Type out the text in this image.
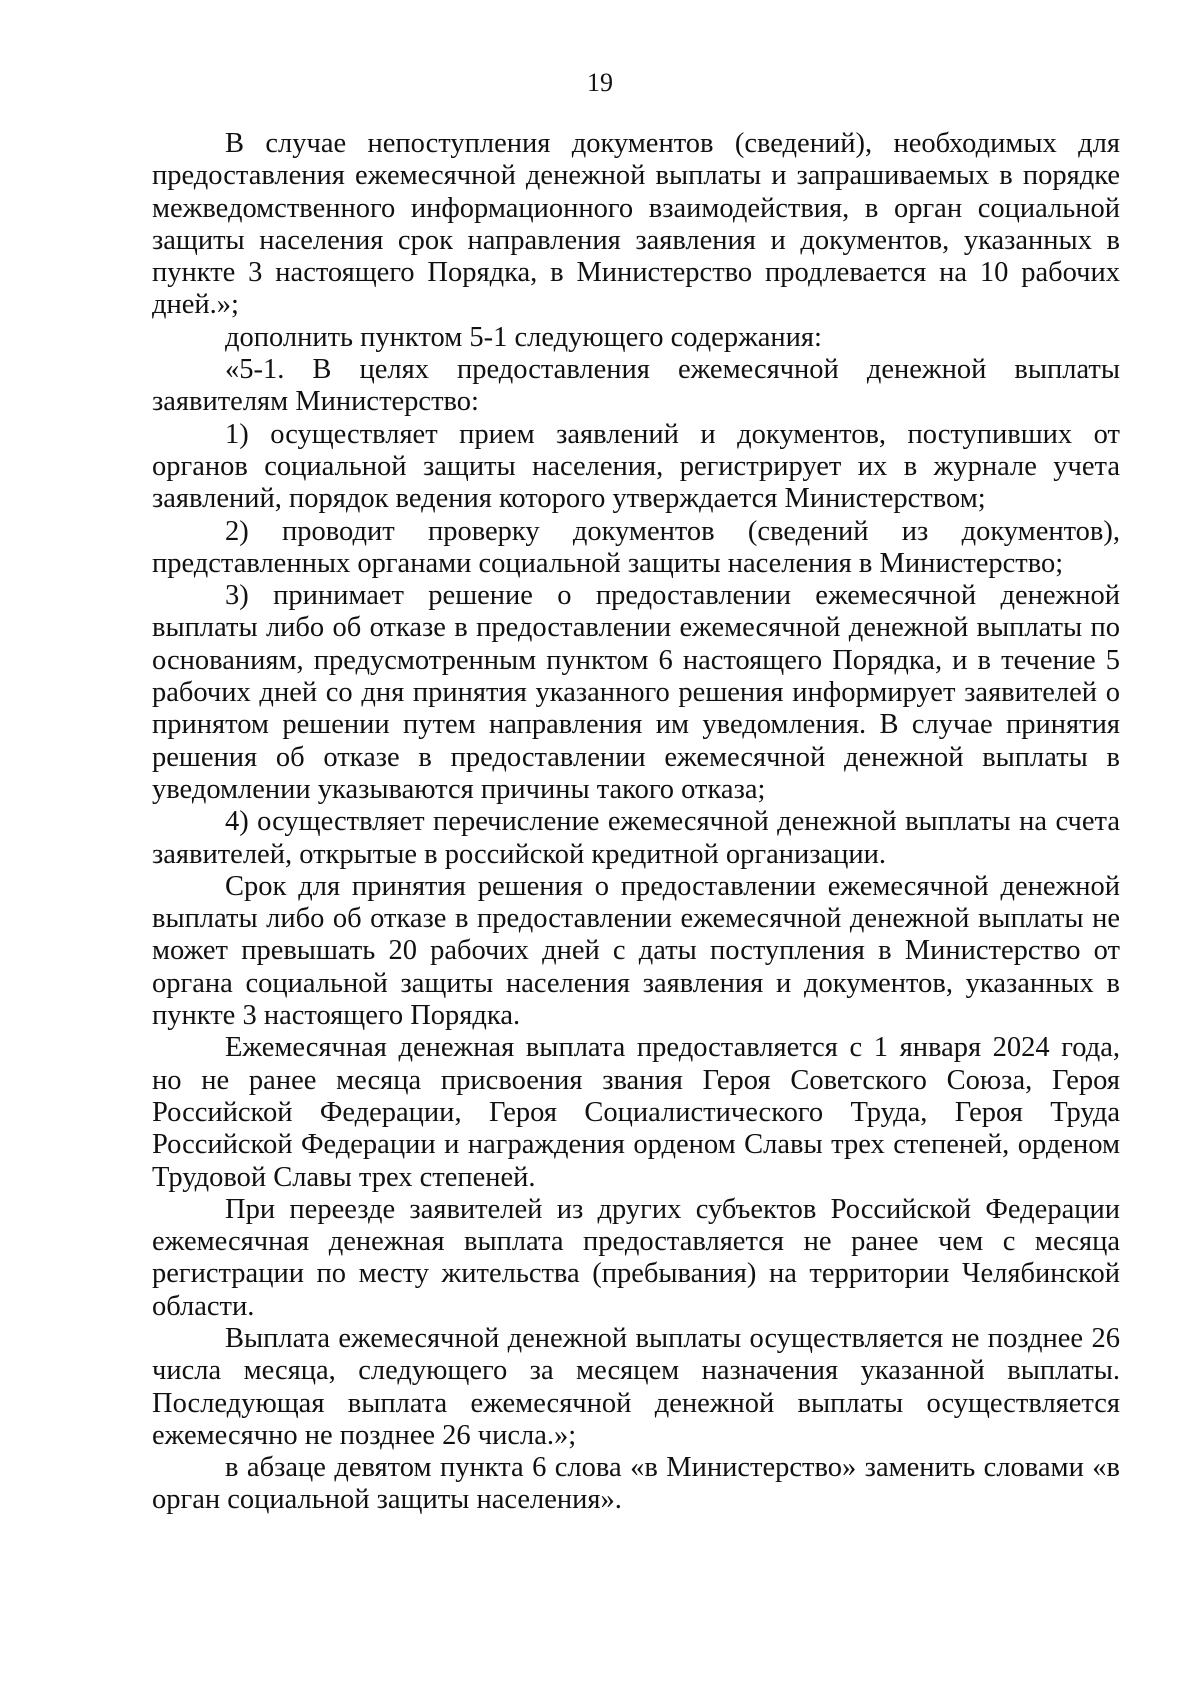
19

В случае непоступления документов (сведений), необходимых для предоставления ежемесячной денежной выплаты и запрашиваемых в порядке межведомственного информационного взаимодействия, в орган социальной защиты населения срок направления заявления и документов, указанных в пункте 3 настоящего Порядка, в Министерство продлевается на 10 рабочих дней.»;

дополнить пунктом 5-1 следующего содержания:

«5-1. В целях предоставления ежемесячной денежной выплаты заявителям Министерство:

1) осуществляет прием заявлений и документов, поступивших от органов социальной защиты населения, регистрирует их в журнале учета заявлений, порядок ведения которого утверждается Министерством;

2) проводит проверку документов (сведений из документов), представленных органами социальной защиты населения в Министерство;

3) принимает решение о предоставлении ежемесячной денежной выплаты либо об отказе в предоставлении ежемесячной денежной выплаты по основаниям, предусмотренным пунктом 6 настоящего Порядка, и в течение 5 рабочих дней со дня принятия указанного решения информирует заявителей о принятом решении путем направления им уведомления. В случае принятия решения об отказе в предоставлении ежемесячной денежной выплаты в уведомлении указываются причины такого отказа;

4) осуществляет перечисление ежемесячной денежной выплаты на счета заявителей, открытые в российской кредитной организации.

Срок для принятия решения о предоставлении ежемесячной денежной выплаты либо об отказе в предоставлении ежемесячной денежной выплаты не может превышать 20 рабочих дней с даты поступления в Министерство от органа социальной защиты населения заявления и документов, указанных в пункте 3 настоящего Порядка.

Ежемесячная денежная выплата предоставляется с 1 января 2024 года, но не ранее месяца присвоения звания Героя Советского Союза, Героя Российской Федерации, Героя Социалистического Труда, Героя Труда Российской Федерации и награждения орденом Славы трех степеней, орденом Трудовой Славы трех степеней.

При переезде заявителей из других субъектов Российской Федерации ежемесячная денежная выплата предоставляется не ранее чем с месяца регистрации по месту жительства (пребывания) на территории Челябинской области.

Выплата ежемесячной денежной выплаты осуществляется не позднее 26 числа месяца, следующего за месяцем назначения указанной выплаты. Последующая выплата ежемесячной денежной выплаты осуществляется ежемесячно не позднее 26 числа.»;

в абзаце девятом пункта 6 слова «в Министерство» заменить словами «в орган социальной защиты населения».
